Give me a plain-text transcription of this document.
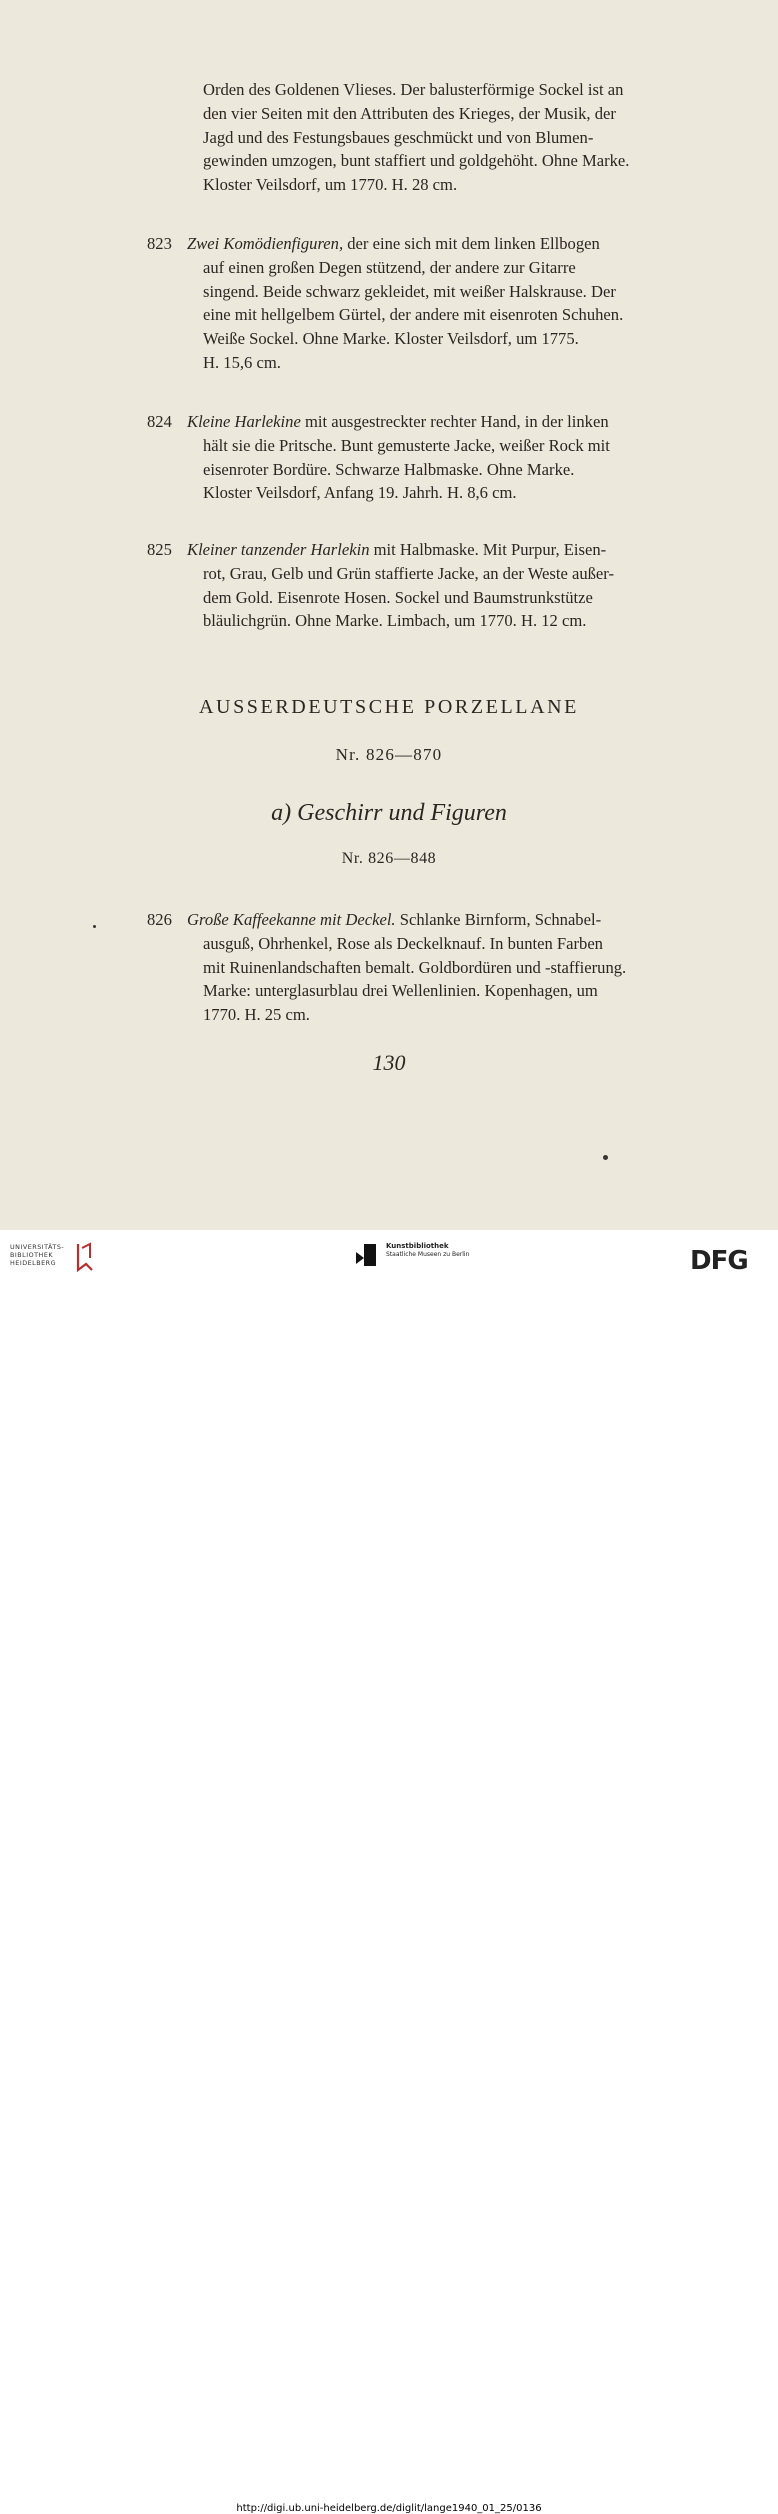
Orden des Goldenen Vlieses. Der balusterförmige Sockel ist an
den vier Seiten mit den Attributen des Krieges, der Musik, der
Jagd und des Festungsbaues geschmückt und von Blumen-
gewinden umzogen, bunt staffiert und goldgehöht. Ohne Marke.
Kloster Veilsdorf, um 1770. H. 28 cm.
823 Zwei Komödienfiguren, der eine sich mit dem linken Ellbogen
auf einen großen Degen stützend, der andere zur Gitarre
singend. Beide schwarz gekleidet, mit weißer Halskrause. Der
eine mit hellgelbem Gürtel, der andere mit eisenroten Schuhen.
Weiße Sockel. Ohne Marke. Kloster Veilsdorf, um 1775.
H. 15,6 cm.
824 Kleine Harlekine mit ausgestreckter rechter Hand, in der linken
hält sie die Pritsche. Bunt gemusterte Jacke, weißer Rock mit
eisenroter Bordüre. Schwarze Halbmaske. Ohne Marke.
Kloster Veilsdorf, Anfang 19. Jahrh. H. 8,6 cm.
825 Kleiner tanzender Harlekin mit Halbmaske. Mit Purpur, Eisen-
rot, Grau, Gelb und Grün staffierte Jacke, an der Weste außer-
dem Gold. Eisenrote Hosen. Sockel und Baumstrunkstütze
bläulichgrün. Ohne Marke. Limbach, um 1770. H. 12 cm.
AUSSERDEUTSCHE PORZELLANE
Nr. 826—870
a) Geschirr und Figuren
Nr. 826—848
826 Große Kaffeekanne mit Deckel. Schlanke Birnform, Schnabel-
ausguß, Ohrhenkel, Rose als Deckelknauf. In bunten Farben
mit Ruinenlandschaften bemalt. Goldbordüren und -staffierung.
Marke: unterglasurblau drei Wellenlinien. Kopenhagen, um
1770. H. 25 cm.
130
UNIVERSITÄTS-
BIBLIOTHEK
HEIDELBERG
Kunstbibliothek
Staatliche Museen zu Berlin	DFG
http://digi.ub.uni-heidelberg.de/diglit/lange1940_01_25/0136
